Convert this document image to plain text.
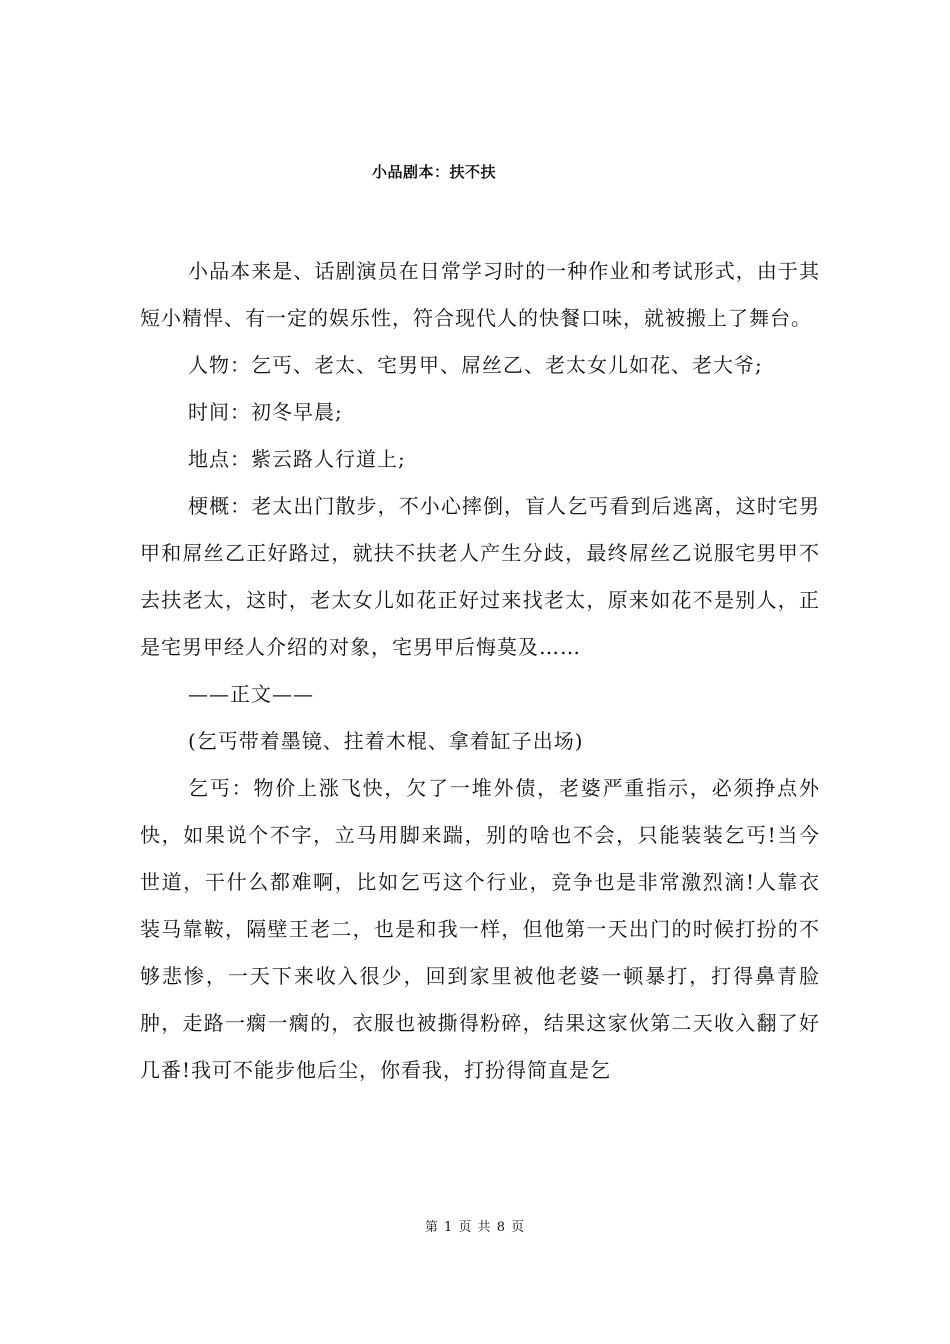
小品剧本：扶不扶

小品本来是、话剧演员在日常学习时的一种作业和考试形式，由于其短小精悍、有一定的娱乐性，符合现代人的快餐口味，就被搬上了舞台。

人物：乞丐、老太、宅男甲、屌丝乙、老太女儿如花、老大爷;

时间：初冬早晨;

地点：紫云路人行道上;

梗概：老太出门散步，不小心摔倒，盲人乞丐看到后逃离，这时宅男甲和屌丝乙正好路过，就扶不扶老人产生分歧，最终屌丝乙说服宅男甲不去扶老太，这时，老太女儿如花正好过来找老太，原来如花不是别人，正是宅男甲经人介绍的对象，宅男甲后悔莫及……

——正文——

(乞丐带着墨镜、拄着木棍、拿着缸子出场)

乞丐：物价上涨飞快，欠了一堆外债，老婆严重指示，必须挣点外快，如果说个不字，立马用脚来踹，别的啥也不会，只能装装乞丐!当今世道，干什么都难啊，比如乞丐这个行业，竞争也是非常激烈滴!人靠衣装马靠鞍，隔壁王老二，也是和我一样，但他第一天出门的时候打扮的不够悲惨，一天下来收入很少，回到家里被他老婆一顿暴打，打得鼻青脸肿，走路一瘸一瘸的，衣服也被撕得粉碎，结果这家伙第二天收入翻了好几番!我可不能步他后尘，你看我，打扮得简直是乞

第 1 页 共 8 页
